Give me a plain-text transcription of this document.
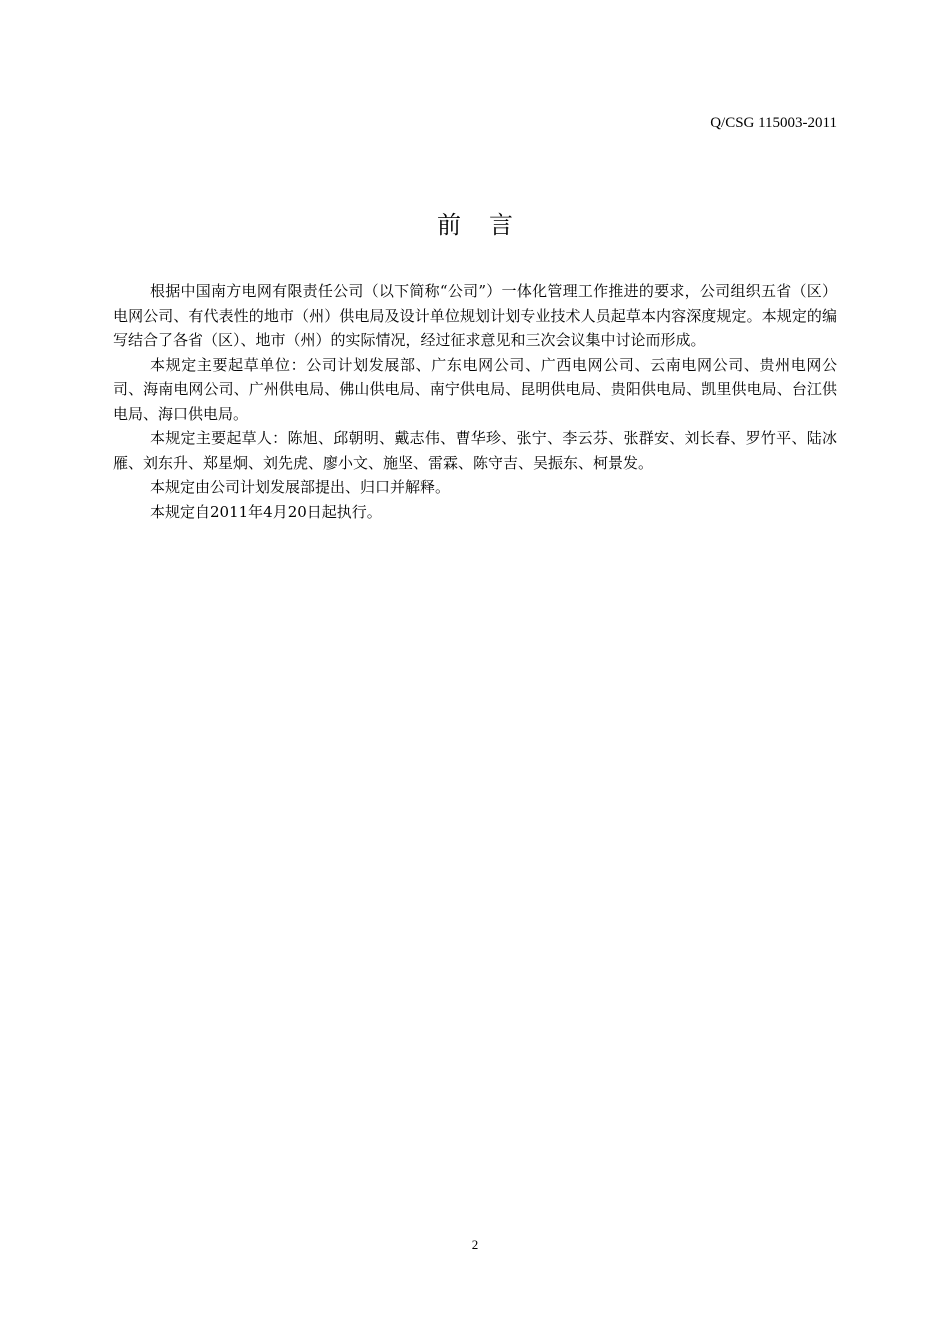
Q/CSG 115003-2011
前言

根据中国南方电网有限责任公司（以下简称“公司”）一体化管理工作推进的要求，公司组织五省（区）电网公司、有代表性的地市（州）供电局及设计单位规划计划专业技术人员起草本内容深度规定。本规定的编写结合了各省（区）、地市（州）的实际情况，经过征求意见和三次会议集中讨论而形成。

本规定主要起草单位：公司计划发展部、广东电网公司、广西电网公司、云南电网公司、贵州电网公司、海南电网公司、广州供电局、佛山供电局、南宁供电局、昆明供电局、贵阳供电局、凯里供电局、台江供电局、海口供电局。

本规定主要起草人：陈旭、邱朝明、戴志伟、曹华珍、张宁、李云芬、张群安、刘长春、罗竹平、陆冰雁、刘东升、郑星炯、刘先虎、廖小文、施坚、雷霖、陈守吉、吴振东、柯景发。

本规定由公司计划发展部提出、归口并解释。

本规定自2011年4月20日起执行。

2
